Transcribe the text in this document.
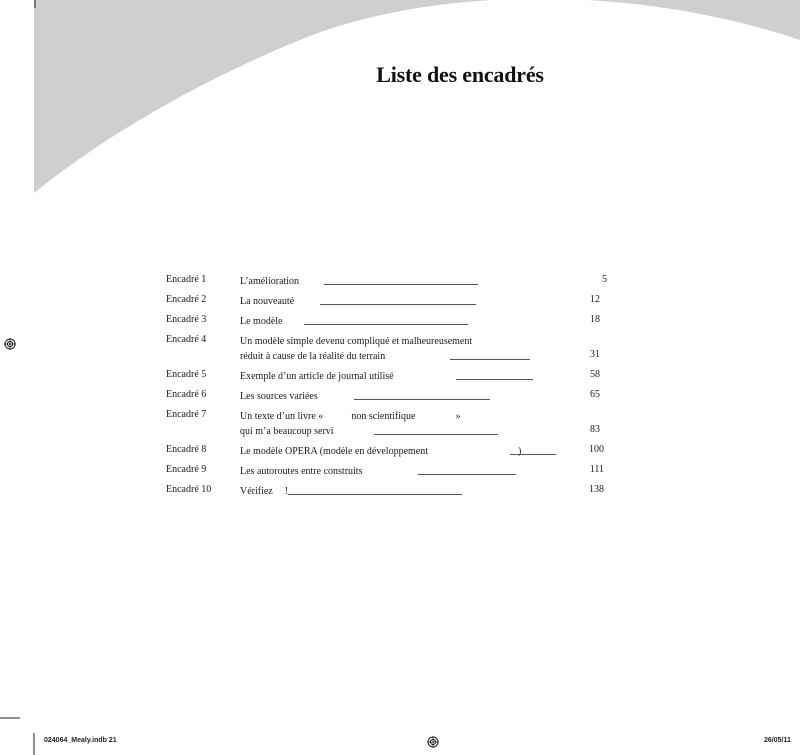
Liste des encadrés
Encadré 1	L’amélioration	5
Encadré 2	La nouveauté	12
Encadré 3	Le modèle	18
Encadré 4	Un modèle simple devenu compliqué et malheureusement
réduit à cause de la réalité du terrain	31
Encadré 5	Exemple d’un article de journal utilisé	58
Encadré 6	Les sources variées	65
Encadré 7	Un texte d’un livre «	non scientifique	»
qui m’a beaucoup servi	83
Encadré 8	Le modèle OPERA (modèle en développement	)	100
Encadré 9	Les autoroutes entre construits	111
Encadré 10	Vérifiez !	138
024064_Mealy.indb 21	26/05/11
